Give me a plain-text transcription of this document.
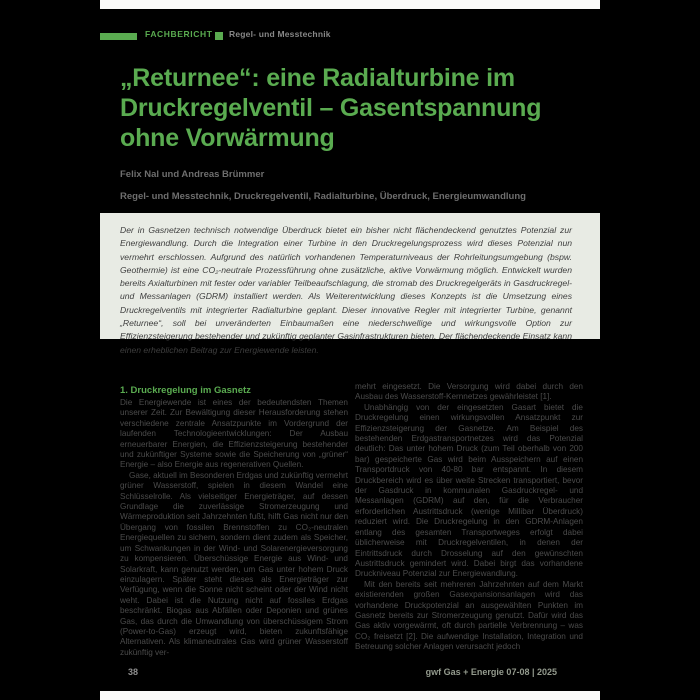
FACHBERICHT Regel- und Messtechnik
„Returnee“: eine Radialturbine im
Druckregelventil – Gasentspannung
ohne Vorwärmung
Felix Nal und Andreas Brümmer
Regel- und Messtechnik, Druckregelventil, Radialturbine, Überdruck, Energieumwandlung
Der in Gasnetzen technisch notwendige Überdruck bietet ein bisher nicht flächendeckend genutztes Potenzial zur Energiewandlung. Durch die Integration einer Turbine in den Druckregelungsprozess wird dieses Potenzial nun vermehrt erschlossen. Aufgrund des natürlich vorhandenen Temperaturniveaus der Rohrleitungsumgebung (bspw. Geothermie) ist eine CO₂-neutrale Prozessführung ohne zusätzliche, aktive Vorwärmung möglich. Entwickelt wurden bereits Axialturbinen mit fester oder variabler Teilbeaufschlagung, die stromab des Druckregelgeräts in Gasdruckregel- und Messanlagen (GDRM) installiert werden. Als Weiterentwicklung dieses Konzepts ist die Umsetzung eines Druckregelventils mit integrierter Radialturbine geplant. Dieser innovative Regler mit integrierter Turbine, genannt „Returnee“, soll bei unveränderten Einbaumaßen eine niederschwellige und wirkungsvolle Option zur Effizienzsteigerung bestehender und zukünftig geplanter Gasinfrastrukturen bieten. Der flächendeckende Einsatz kann einen erheblichen Beitrag zur Energiewende leisten.
1. Druckregelung im Gasnetz

Die Energiewende ist eines der bedeutendsten Themen unserer Zeit. Zur Bewältigung dieser Herausforderung stehen verschiedene zentrale Ansatzpunkte im Vordergrund der laufenden Technologieentwicklungen: Der Ausbau erneuerbarer Energien, die Effizienzsteigerung bestehender und zukünftiger Systeme sowie die Speicherung von „grüner“ Energie – also Energie aus regenerativen Quellen.

Gase, aktuell im Besonderen Erdgas und zukünftig vermehrt grüner Wasserstoff, spielen in diesem Wandel eine Schlüsselrolle. Als vielseitiger Energieträger, auf dessen Grundlage die zuverlässige Stromerzeugung und Wärmeproduktion seit Jahrzehnten fußt, hilft Gas nicht nur den Übergang von fossilen Brennstoffen zu CO₂-neutralen Energiequellen zu sichern, sondern dient zudem als Speicher, um Schwankungen in der Wind- und Solarenergieversorgung zu kompensieren. Überschüssige Energie aus Wind- und Solarkraft, kann genutzt werden, um Gas unter hohem Druck einzulagern. Später steht dieses als Energieträger zur Verfügung, wenn die Sonne nicht scheint oder der Wind nicht weht. Dabei ist die Nutzung nicht auf fossiles Erdgas beschränkt. Biogas aus Abfällen oder Deponien und grünes Gas, das durch die Umwandlung von überschüssigem Strom (Power-to-Gas) erzeugt wird, bieten zukunftsfähige Alternativen. Als klimaneutrales Gas wird grüner Wasserstoff zukünftig ver-

mehrt eingesetzt. Die Versorgung wird dabei durch den Ausbau des Wasserstoff-Kernnetzes gewährleistet [1].

Unabhängig von der eingesetzten Gasart bietet die Druckregelung einen wirkungsvollen Ansatzpunkt zur Effizienzsteigerung der Gasnetze. Am Beispiel des bestehenden Erdgastransportnetzes wird das Potenzial deutlich: Das unter hohem Druck (zum Teil oberhalb von 200 bar) gespeicherte Gas wird beim Ausspeichern auf einen Transportdruck von 40-80 bar entspannt. In diesem Druckbereich wird es über weite Strecken transportiert, bevor der Gasdruck in kommunalen Gasdruckregel- und Messanlagen (GDRM) auf den, für die Verbraucher erforderlichen Austrittsdruck (wenige Millibar Überdruck) reduziert wird. Die Druckregelung in den GDRM-Anlagen entlang des gesamten Transportweges erfolgt dabei üblicherweise mit Druckregelventilen, in denen der Eintrittsdruck durch Drosselung auf den gewünschten Austrittsdruck gemindert wird. Dabei birgt das vorhandene Druckniveau Potenzial zur Energiewandlung.

Mit den bereits seit mehreren Jahrzehnten auf dem Markt existierenden großen Gasexpansionsanlagen wird das vorhandene Druckpotenzial an ausgewählten Punkten im Gasnetz bereits zur Stromerzeugung genutzt. Dafür wird das Gas aktiv vorgewärmt, oft durch partielle Verbrennung – was CO₂ freisetzt [2]. Die aufwendige Installation, Integration und Betreuung solcher Anlagen verursacht jedoch

38	gwf Gas + Energie 07-08 | 2025
